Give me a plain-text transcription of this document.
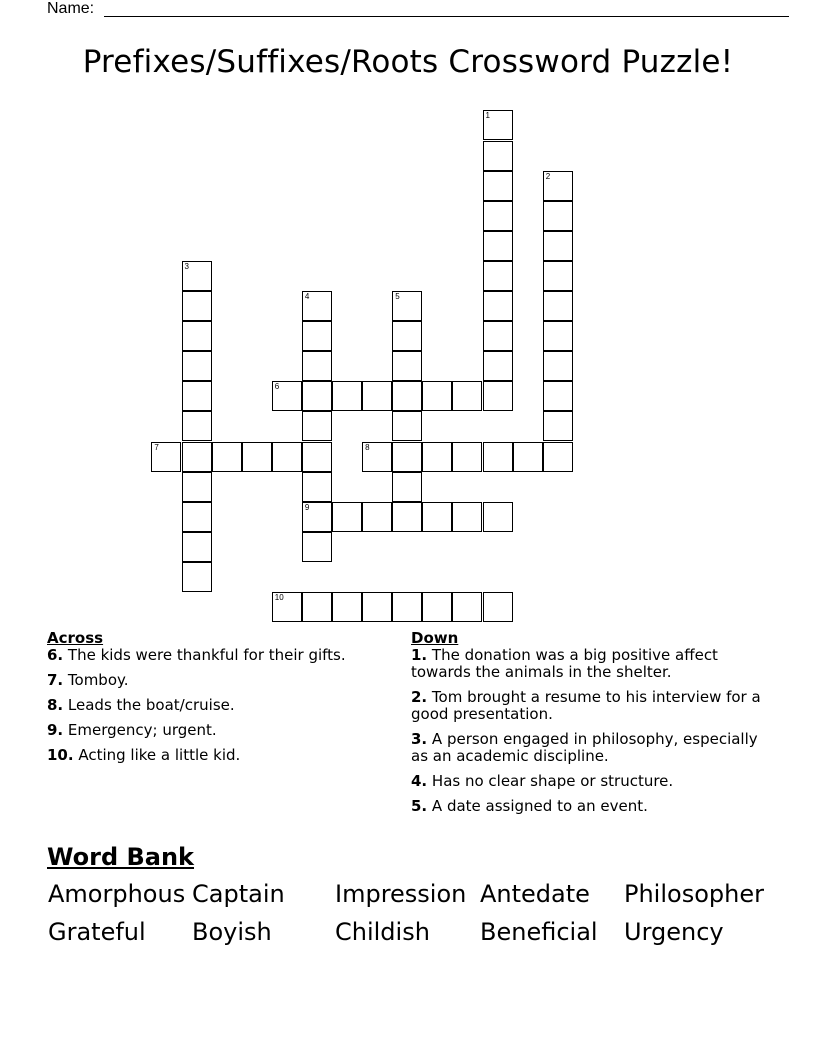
Name:
Prefixes/Suffixes/Roots Crossword Puzzle!
1
2
3
4
9
5
6
7	8
10
Across
6. The kids were thankful for their gifts.
7. Tomboy.
8. Leads the boat/cruise.
9. Emergency; urgent.
10. Acting like a little kid.
Down
1. The donation was a big positive affect towards the animals in the shelter.
2. Tom brought a resume to his interview for a good presentation.
3. A person engaged in philosophy, especially as an academic discipline.
4. Has no clear shape or structure.
5. A date assigned to an event.
Word Bank
Amorphous Captain Impression Antedate Philosopher
Grateful Boyish	Childish Beneficial Urgency
